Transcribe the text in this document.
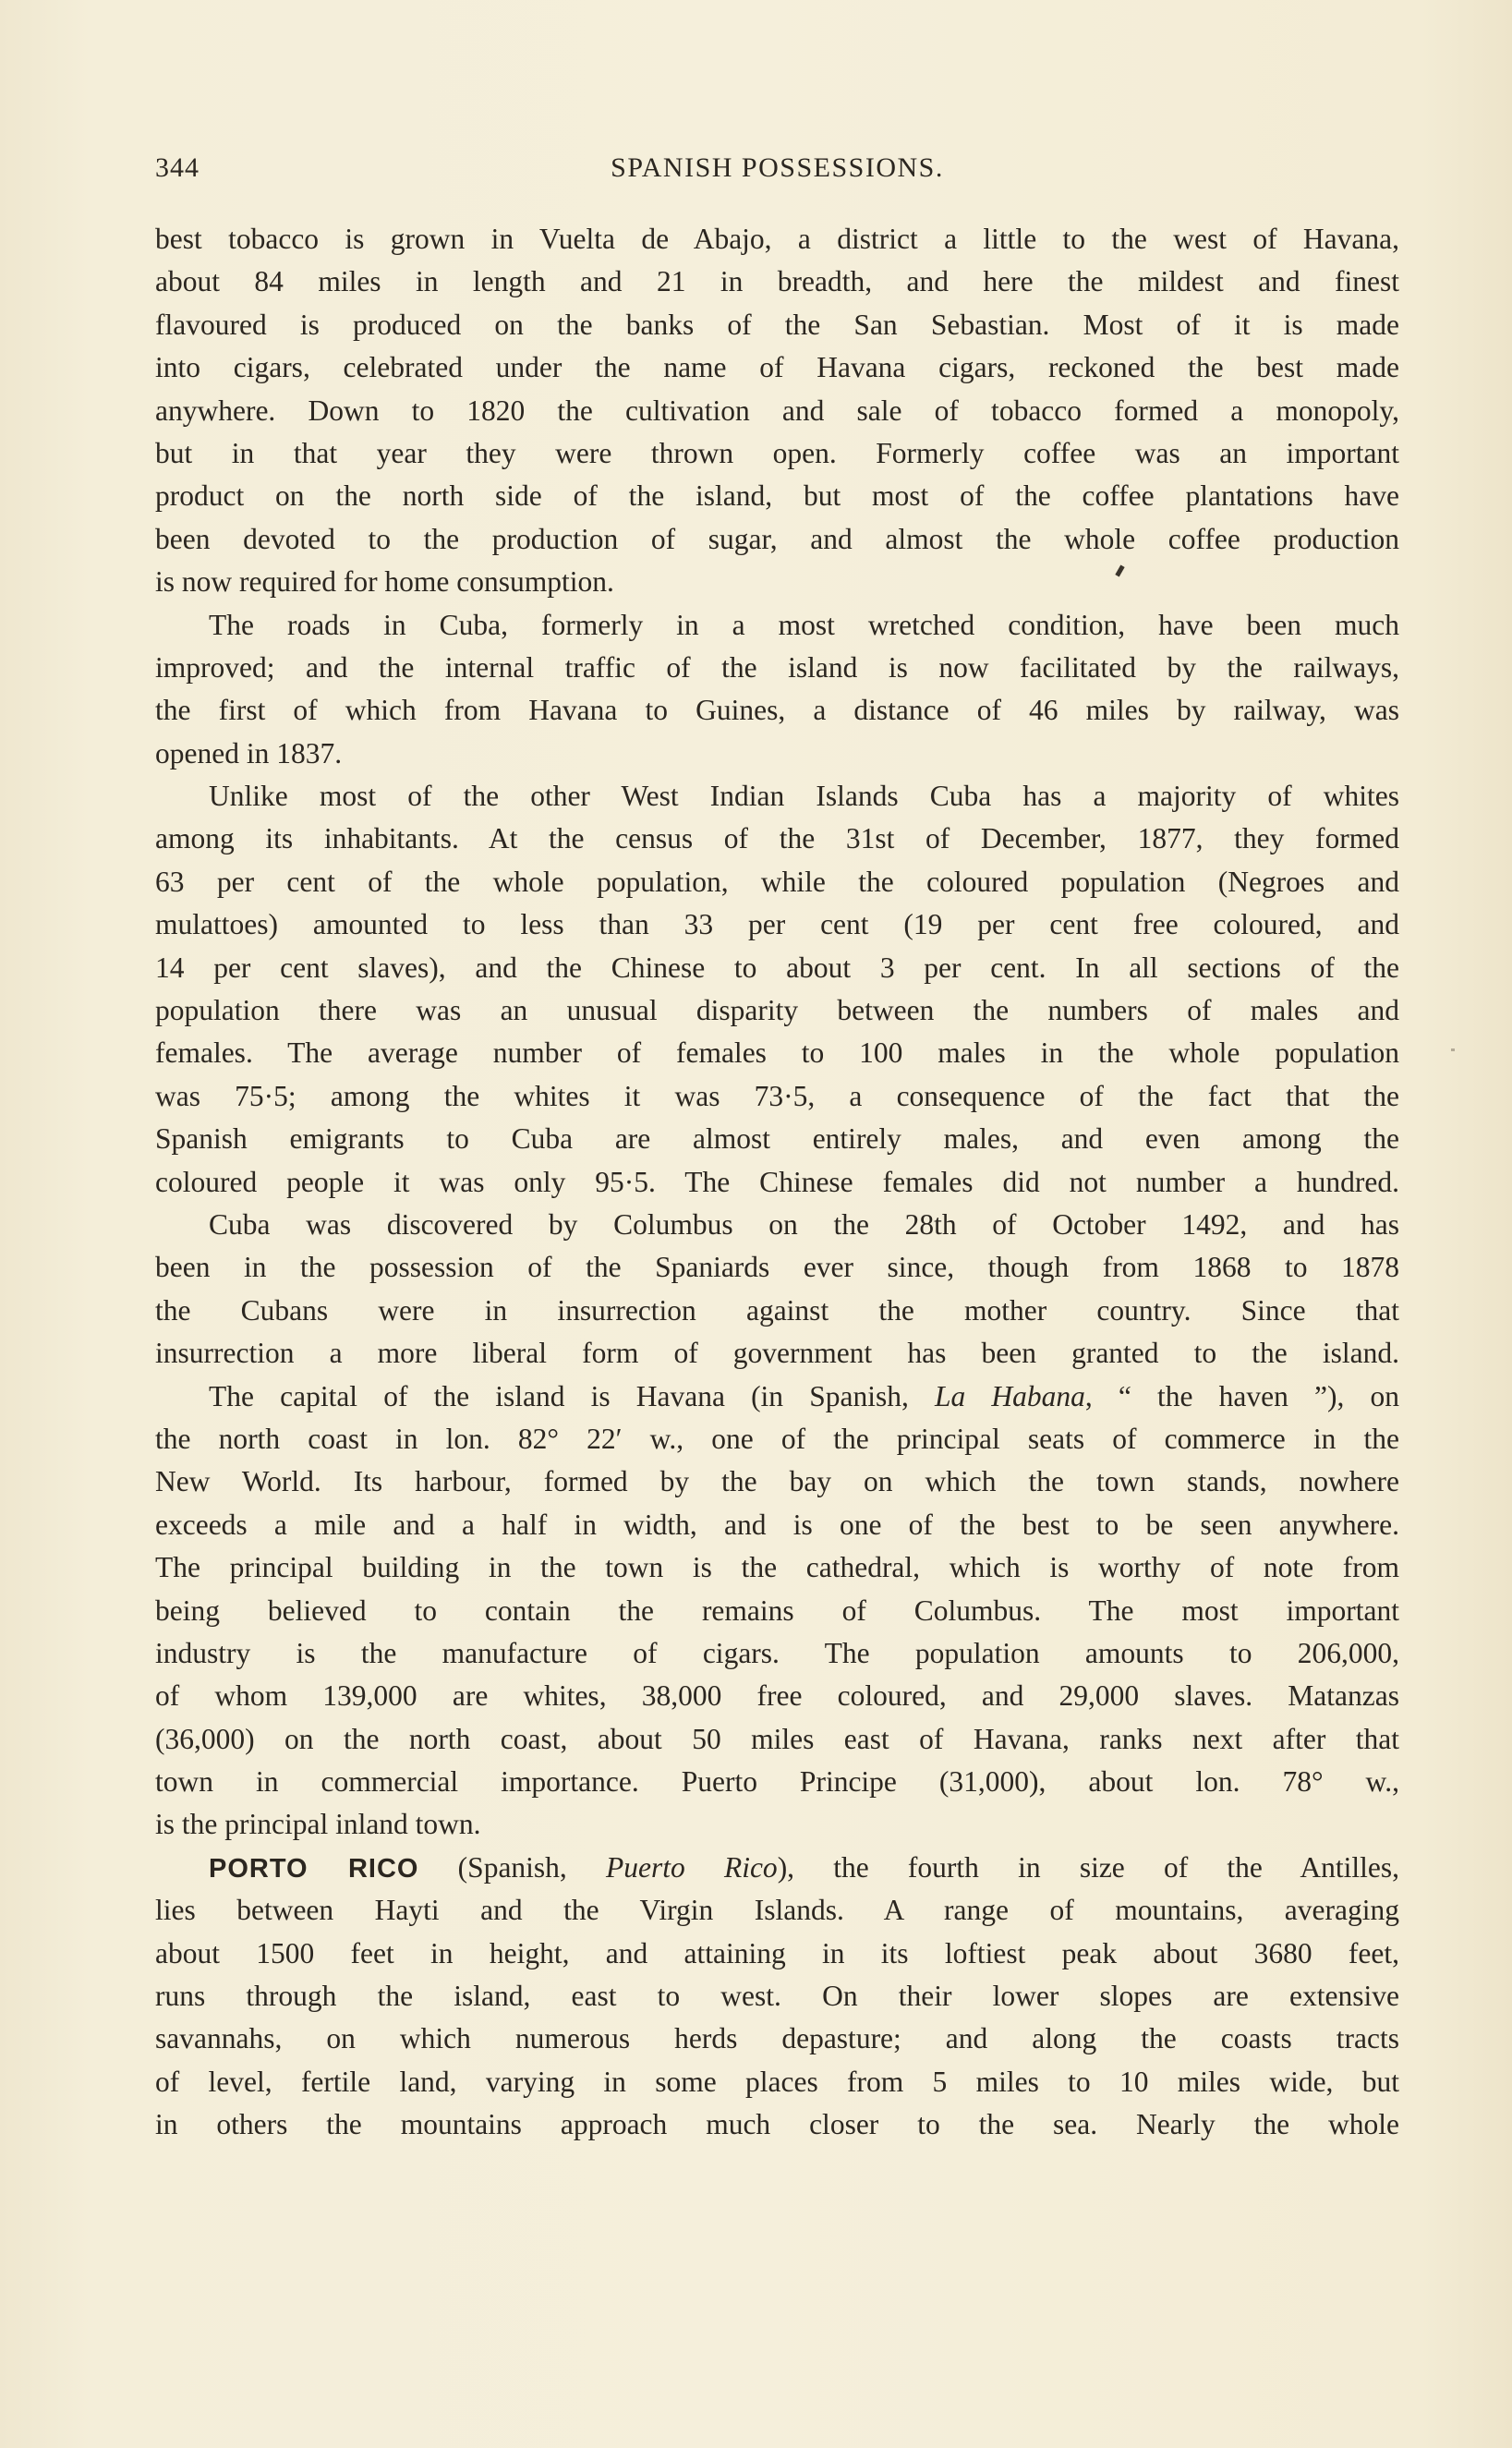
344	SPANISH POSSESSIONS.
best tobacco is grown in Vuelta de Abajo, a district a little to the west of Havana,
about 84 miles in length and 21 in breadth, and here the mildest and finest
flavoured is produced on the banks of the San Sebastian. Most of it is made
into cigars, celebrated under the name of Havana cigars, reckoned the best made
anywhere. Down to 1820 the cultivation and sale of tobacco formed a monopoly,
but in that year they were thrown open. Formerly coffee was an important
product on the north side of the island, but most of the coffee plantations have
been devoted to the production of sugar, and almost the whole coffee production
is now required for home consumption.
The roads in Cuba, formerly in a most wretched condition, have been much
improved; and the internal traffic of the island is now facilitated by the railways,
the first of which from Havana to Guines, a distance of 46 miles by railway, was
opened in 1837.
Unlike most of the other West Indian Islands Cuba has a majority of whites
among its inhabitants. At the census of the 31st of December, 1877, they formed
63 per cent of the whole population, while the coloured population (Negroes and
mulattoes) amounted to less than 33 per cent (19 per cent free coloured, and
14 per cent slaves), and the Chinese to about 3 per cent. In all sections of the
population there was an unusual disparity between the numbers of males and
females. The average number of females to 100 males in the whole population
was 75·5; among the whites it was 73·5, a consequence of the fact that the
Spanish emigrants to Cuba are almost entirely males, and even among the
coloured people it was only 95·5. The Chinese females did not number a hundred.
Cuba was discovered by Columbus on the 28th of October 1492, and has
been in the possession of the Spaniards ever since, though from 1868 to 1878
the Cubans were in insurrection against the mother country. Since that
insurrection a more liberal form of government has been granted to the island.
The capital of the island is Havana (in Spanish, La Habana, “ the haven ”), on
the north coast in lon. 82° 22′ w., one of the principal seats of commerce in the
New World. Its harbour, formed by the bay on which the town stands, nowhere
exceeds a mile and a half in width, and is one of the best to be seen anywhere.
The principal building in the town is the cathedral, which is worthy of note from
being believed to contain the remains of Columbus. The most important
industry is the manufacture of cigars. The population amounts to 206,000,
of whom 139,000 are whites, 38,000 free coloured, and 29,000 slaves. Matanzas
(36,000) on the north coast, about 50 miles east of Havana, ranks next after that
town in commercial importance. Puerto Principe (31,000), about lon. 78° w.,
is the principal inland town.
PORTO RICO (Spanish, Puerto Rico), the fourth in size of the Antilles,
lies between Hayti and the Virgin Islands. A range of mountains, averaging
about 1500 feet in height, and attaining in its loftiest peak about 3680 feet,
runs through the island, east to west. On their lower slopes are extensive
savannahs, on which numerous herds depasture; and along the coasts tracts
of level, fertile land, varying in some places from 5 miles to 10 miles wide, but
in others the mountains approach much closer to the sea. Nearly the whole
